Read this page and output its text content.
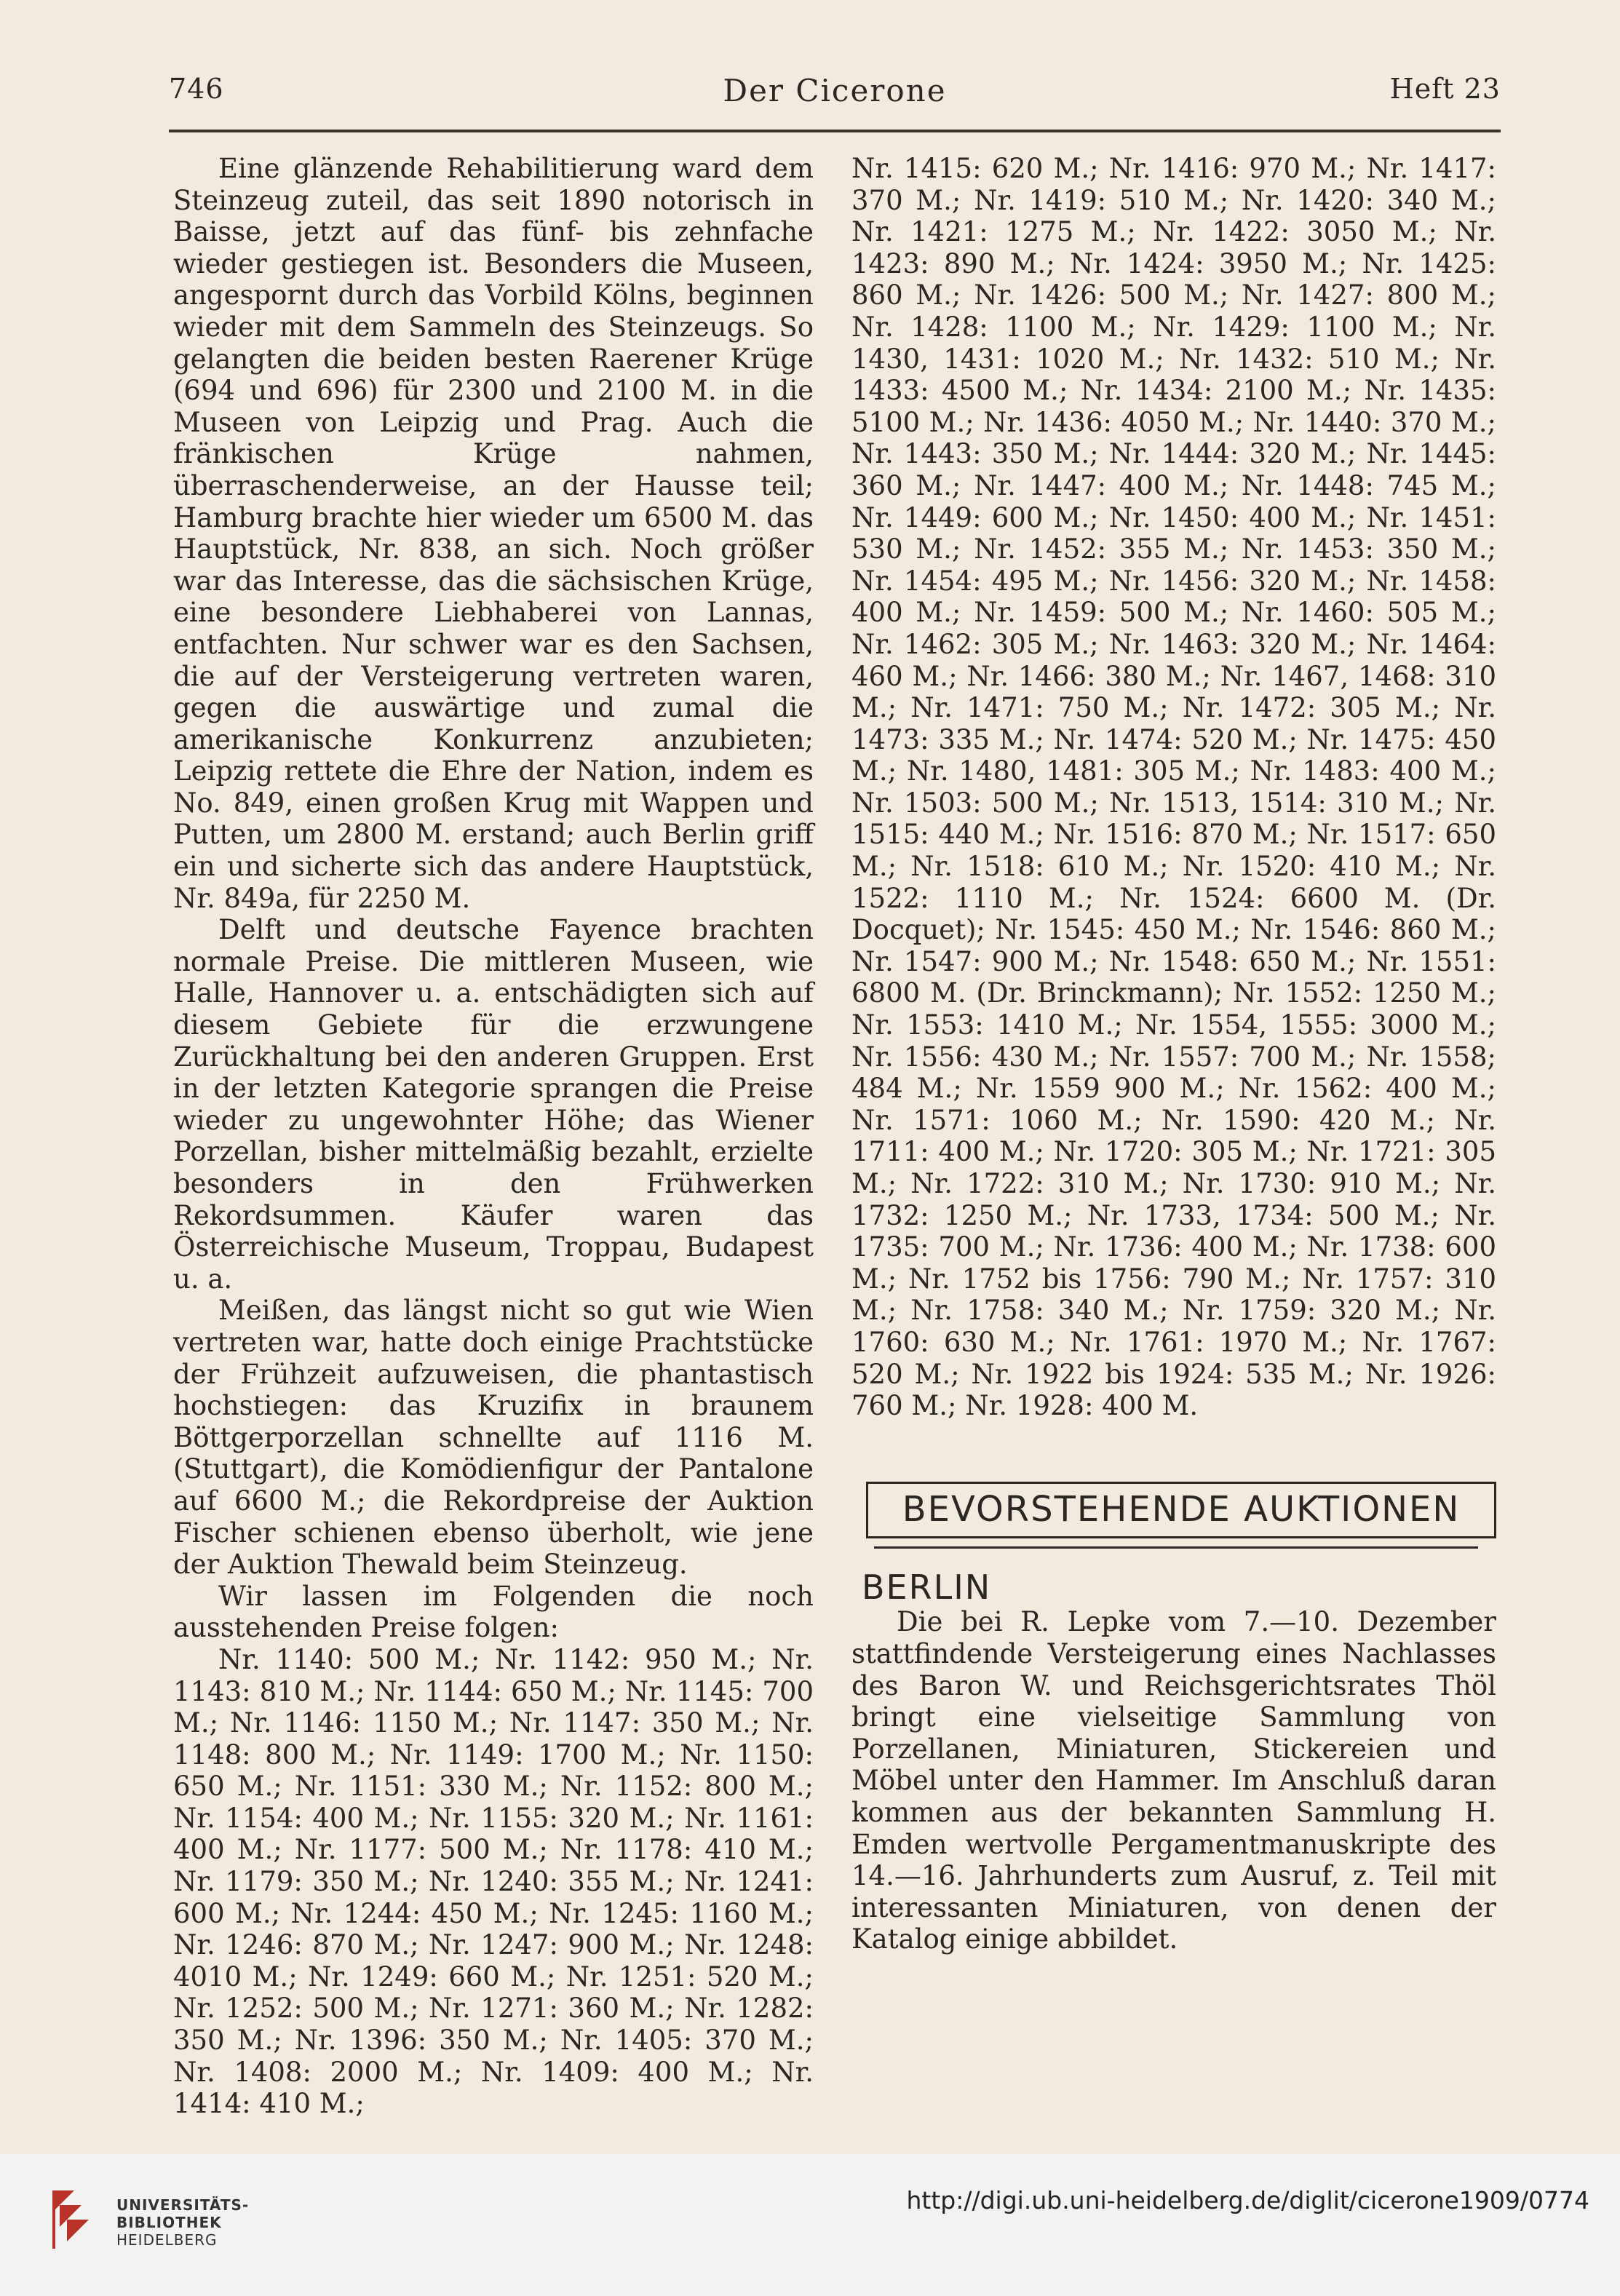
746	Der Cicerone	Heft 23

Eine glänzende Rehabilitierung ward dem Steinzeug zuteil, das seit 1890 notorisch in Baisse, jetzt auf das fünf- bis zehnfache wieder gestiegen ist. Besonders die Museen, angespornt durch das Vorbild Kölns, beginnen wieder mit dem Sammeln des Steinzeugs. So gelangten die beiden besten Raerener Krüge (694 und 696) für 2300 und 2100 M. in die Museen von Leipzig und Prag. Auch die fränkischen Krüge nahmen, überraschenderweise, an der Hausse teil; Hamburg brachte hier wieder um 6500 M. das Hauptstück, Nr. 838, an sich. Noch größer war das Interesse, das die sächsischen Krüge, eine besondere Liebhaberei von Lannas, entfachten. Nur schwer war es den Sachsen, die auf der Versteigerung vertreten waren, gegen die auswärtige und zumal die amerikanische Konkurrenz anzubieten; Leipzig rettete die Ehre der Nation, indem es No. 849, einen großen Krug mit Wappen und Putten, um 2800 M. erstand; auch Berlin griff ein und sicherte sich das andere Hauptstück, Nr. 849a, für 2250 M.

Delft und deutsche Fayence brachten normale Preise. Die mittleren Museen, wie Halle, Hannover u. a. entschädigten sich auf diesem Gebiete für die erzwungene Zurückhaltung bei den anderen Gruppen. Erst in der letzten Kategorie sprangen die Preise wieder zu ungewohnter Höhe; das Wiener Porzellan, bisher mittelmäßig bezahlt, erzielte besonders in den Frühwerken Rekordsummen. Käufer waren das Österreichische Museum, Troppau, Budapest u. a.

Meißen, das längst nicht so gut wie Wien vertreten war, hatte doch einige Prachtstücke der Frühzeit aufzuweisen, die phantastisch hochstiegen: das Kruzifix in braunem Böttgerporzellan schnellte auf 1116 M. (Stuttgart), die Komödienfigur der Pantalone auf 6600 M.; die Rekordpreise der Auktion Fischer schienen ebenso überholt, wie jene der Auktion Thewald beim Steinzeug.

Wir lassen im Folgenden die noch ausstehenden Preise folgen:

Nr. 1140: 500 M.; Nr. 1142: 950 M.; Nr. 1143: 810 M.; Nr. 1144: 650 M.; Nr. 1145: 700 M.; Nr. 1146: 1150 M.; Nr. 1147: 350 M.; Nr. 1148: 800 M.; Nr. 1149: 1700 M.; Nr. 1150: 650 M.; Nr. 1151: 330 M.; Nr. 1152: 800 M.; Nr. 1154: 400 M.; Nr. 1155: 320 M.; Nr. 1161: 400 M.; Nr. 1177: 500 M.; Nr. 1178: 410 M.; Nr. 1179: 350 M.; Nr. 1240: 355 M.; Nr. 1241: 600 M.; Nr. 1244: 450 M.; Nr. 1245: 1160 M.; Nr. 1246: 870 M.; Nr. 1247: 900 M.; Nr. 1248: 4010 M.; Nr. 1249: 660 M.; Nr. 1251: 520 M.; Nr. 1252: 500 M.; Nr. 1271: 360 M.; Nr. 1282: 350 M.; Nr. 1396: 350 M.; Nr. 1405: 370 M.; Nr. 1408: 2000 M.; Nr. 1409: 400 M.; Nr. 1414: 410 M.;

Nr. 1415: 620 M.; Nr. 1416: 970 M.; Nr. 1417: 370 M.; Nr. 1419: 510 M.; Nr. 1420: 340 M.; Nr. 1421: 1275 M.; Nr. 1422: 3050 M.; Nr. 1423: 890 M.; Nr. 1424: 3950 M.; Nr. 1425: 860 M.; Nr. 1426: 500 M.; Nr. 1427: 800 M.; Nr. 1428: 1100 M.; Nr. 1429: 1100 M.; Nr. 1430, 1431: 1020 M.; Nr. 1432: 510 M.; Nr. 1433: 4500 M.; Nr. 1434: 2100 M.; Nr. 1435: 5100 M.; Nr. 1436: 4050 M.; Nr. 1440: 370 M.; Nr. 1443: 350 M.; Nr. 1444: 320 M.; Nr. 1445: 360 M.; Nr. 1447: 400 M.; Nr. 1448: 745 M.; Nr. 1449: 600 M.; Nr. 1450: 400 M.; Nr. 1451: 530 M.; Nr. 1452: 355 M.; Nr. 1453: 350 M.; Nr. 1454: 495 M.; Nr. 1456: 320 M.; Nr. 1458: 400 M.; Nr. 1459: 500 M.; Nr. 1460: 505 M.; Nr. 1462: 305 M.; Nr. 1463: 320 M.; Nr. 1464: 460 M.; Nr. 1466: 380 M.; Nr. 1467, 1468: 310 M.; Nr. 1471: 750 M.; Nr. 1472: 305 M.; Nr. 1473: 335 M.; Nr. 1474: 520 M.; Nr. 1475: 450 M.; Nr. 1480, 1481: 305 M.; Nr. 1483: 400 M.; Nr. 1503: 500 M.; Nr. 1513, 1514: 310 M.; Nr. 1515: 440 M.; Nr. 1516: 870 M.; Nr. 1517: 650 M.; Nr. 1518: 610 M.; Nr. 1520: 410 M.; Nr. 1522: 1110 M.; Nr. 1524: 6600 M. (Dr. Docquet); Nr. 1545: 450 M.; Nr. 1546: 860 M.; Nr. 1547: 900 M.; Nr. 1548: 650 M.; Nr. 1551: 6800 M. (Dr. Brinckmann); Nr. 1552: 1250 M.; Nr. 1553: 1410 M.; Nr. 1554, 1555: 3000 M.; Nr. 1556: 430 M.; Nr. 1557: 700 M.; Nr. 1558; 484 M.; Nr. 1559 900 M.; Nr. 1562: 400 M.; Nr. 1571: 1060 M.; Nr. 1590: 420 M.; Nr. 1711: 400 M.; Nr. 1720: 305 M.; Nr. 1721: 305 M.; Nr. 1722: 310 M.; Nr. 1730: 910 M.; Nr. 1732: 1250 M.; Nr. 1733, 1734: 500 M.; Nr. 1735: 700 M.; Nr. 1736: 400 M.; Nr. 1738: 600 M.; Nr. 1752 bis 1756: 790 M.; Nr. 1757: 310 M.; Nr. 1758: 340 M.; Nr. 1759: 320 M.; Nr. 1760: 630 M.; Nr. 1761: 1970 M.; Nr. 1767: 520 M.; Nr. 1922 bis 1924: 535 M.; Nr. 1926: 760 M.; Nr. 1928: 400 M.

BEVORSTEHENDE AUKTIONEN
BERLIN

Die bei R. Lepke vom 7.—10. Dezember stattfindende Versteigerung eines Nachlasses des Baron W. und Reichsgerichtsrates Thöl bringt eine vielseitige Sammlung von Porzellanen, Miniaturen, Stickereien und Möbel unter den Hammer. Im Anschluß daran kommen aus der bekannten Sammlung H. Emden wertvolle Pergamentmanuskripte des 14.—16. Jahrhunderts zum Ausruf, z. Teil mit interessanten Miniaturen, von denen der Katalog einige abbildet.

UNIVERSITÄTS-
BIBLIOTHEK
HEIDELBERG
http://digi.ub.uni-heidelberg.de/diglit/cicerone1909/0774
